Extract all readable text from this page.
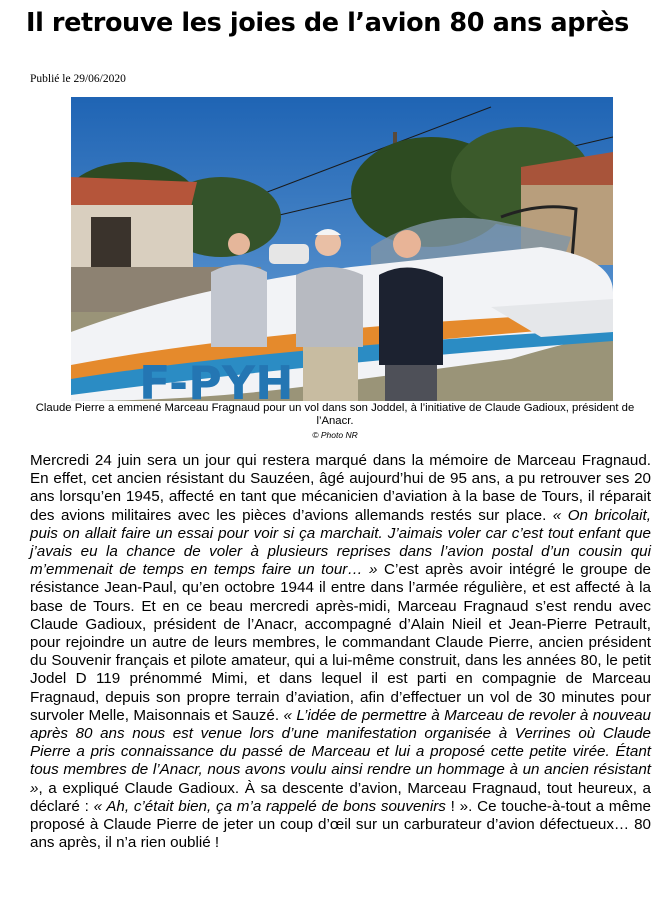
Il retrouve les joies de l’avion 80 ans après
Publié le 29/06/2020
F-PYH
Claude Pierre a emmené Marceau Fragnaud pour un vol dans son Joddel, à l’initiative de Claude Gadioux, président de l’Anacr.
© Photo NR

Mercredi 24 juin sera un jour qui restera marqué dans la mémoire de Marceau Fragnaud. En effet, cet ancien résistant du Sauzéen, âgé aujourd’hui de 95 ans, a pu retrouver ses 20 ans lorsqu’en 1945, affecté en tant que mécanicien d’aviation à la base de Tours, il réparait des avions militaires avec les pièces d’avions allemands restés sur place. « On bricolait, puis on allait faire un essai pour voir si ça marchait. J’aimais voler car c’est tout enfant que j’avais eu la chance de voler à plusieurs reprises dans l’avion postal d’un cousin qui m’emmenait de temps en temps faire un tour… » C’est après avoir intégré le groupe de résistance Jean-Paul, qu’en octobre 1944 il entre dans l’armée régulière, et est affecté à la base de Tours. Et en ce beau mercredi après-midi, Marceau Fragnaud s’est rendu avec Claude Gadioux, président de l’Anacr, accompagné d’Alain Nieil et Jean-Pierre Petrault, pour rejoindre un autre de leurs membres, le commandant Claude Pierre, ancien président du Souvenir français et pilote amateur, qui a lui-même construit, dans les années 80, le petit Jodel D 119 prénommé Mimi, et dans lequel il est parti en compagnie de Marceau Fragnaud, depuis son propre terrain d’aviation, afin d’effectuer un vol de 30 minutes pour survoler Melle, Maisonnais et Sauzé. « L’idée de permettre à Marceau de revoler à nouveau après 80 ans nous est venue lors d’une manifestation organisée à Verrines où Claude Pierre a pris connaissance du passé de Marceau et lui a proposé cette petite virée. Étant tous membres de l’Anacr, nous avons voulu ainsi rendre un hommage à un ancien résistant », a expliqué Claude Gadioux. À sa descente d’avion, Marceau Fragnaud, tout heureux, a déclaré : « Ah, c’était bien, ça m’a rappelé de bons souvenirs ! ». Ce touche-à-tout a même proposé à Claude Pierre de jeter un coup d’œil sur un carburateur d’avion défectueux… 80 ans après, il n’a rien oublié !
